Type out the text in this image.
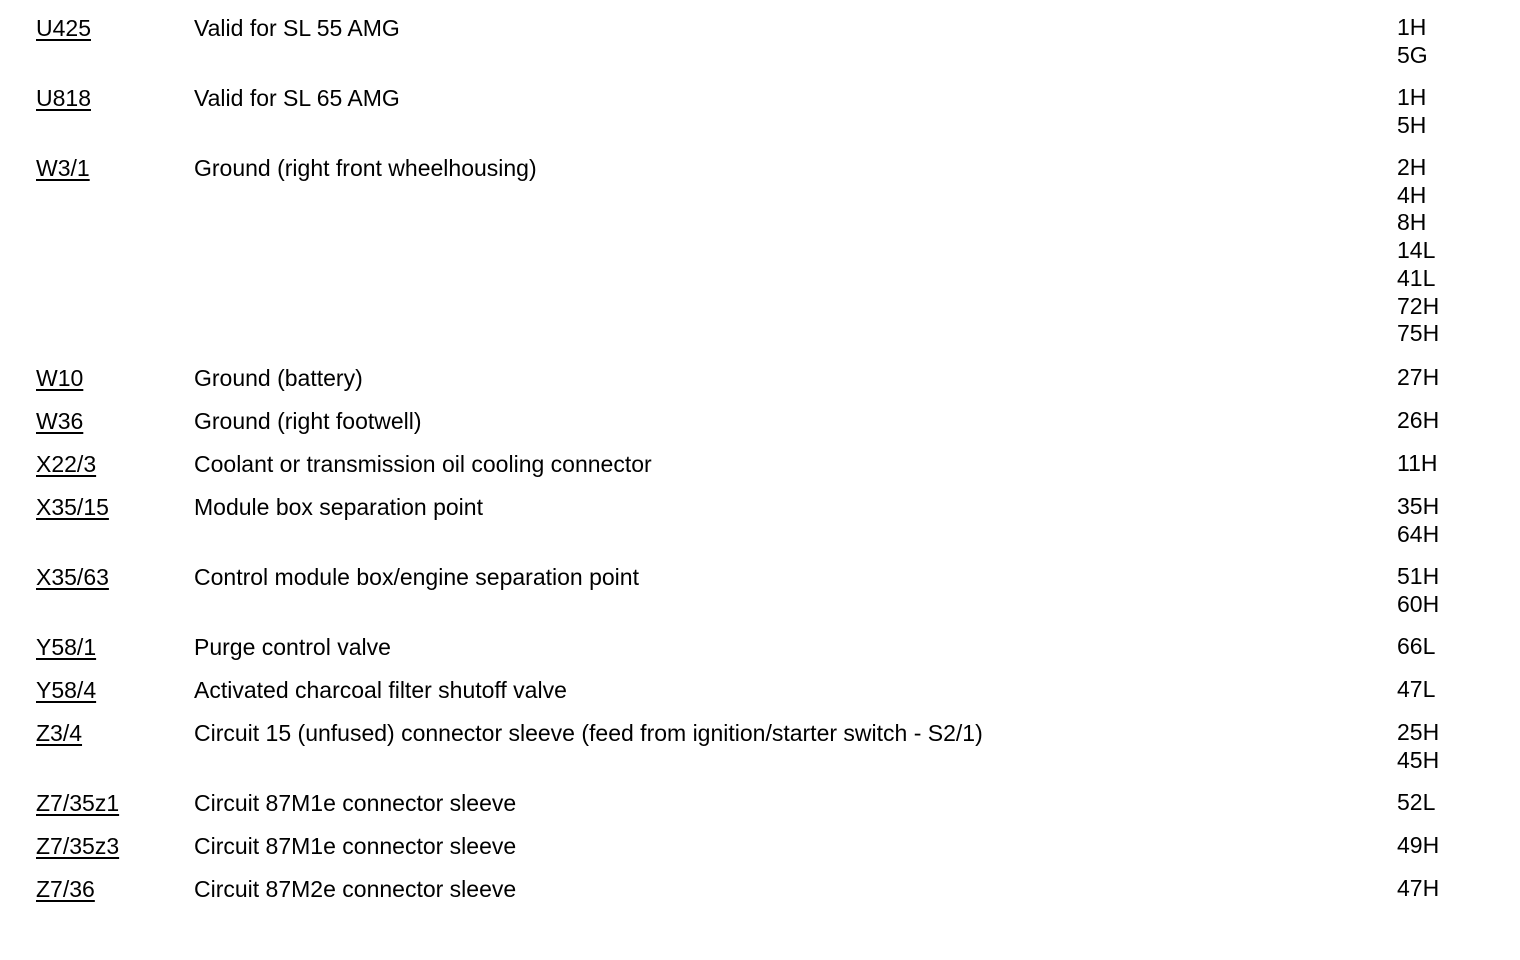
U425	Valid for SL 55 AMG	1H
5G
U818	Valid for SL 65 AMG	1H
5H
W3/1	Ground (right front wheelhousing)	2H
4H
8H
14L
41L
72H
75H
W10	Ground (battery)	27H
W36	Ground (right footwell)	26H
X22/3	Coolant or transmission oil cooling connector	11H
X35/15	Module box separation point	35H
64H
X35/63	Control module box/engine separation point	51H
60H
Y58/1	Purge control valve	66L
Y58/4	Activated charcoal filter shutoff valve	47L
Z3/4	Circuit 15 (unfused) connector sleeve (feed from ignition/starter switch - S2/1)	25H
45H
Z7/35z1	Circuit 87M1e connector sleeve	52L
Z7/35z3	Circuit 87M1e connector sleeve	49H
Z7/36	Circuit 87M2e connector sleeve	47H
